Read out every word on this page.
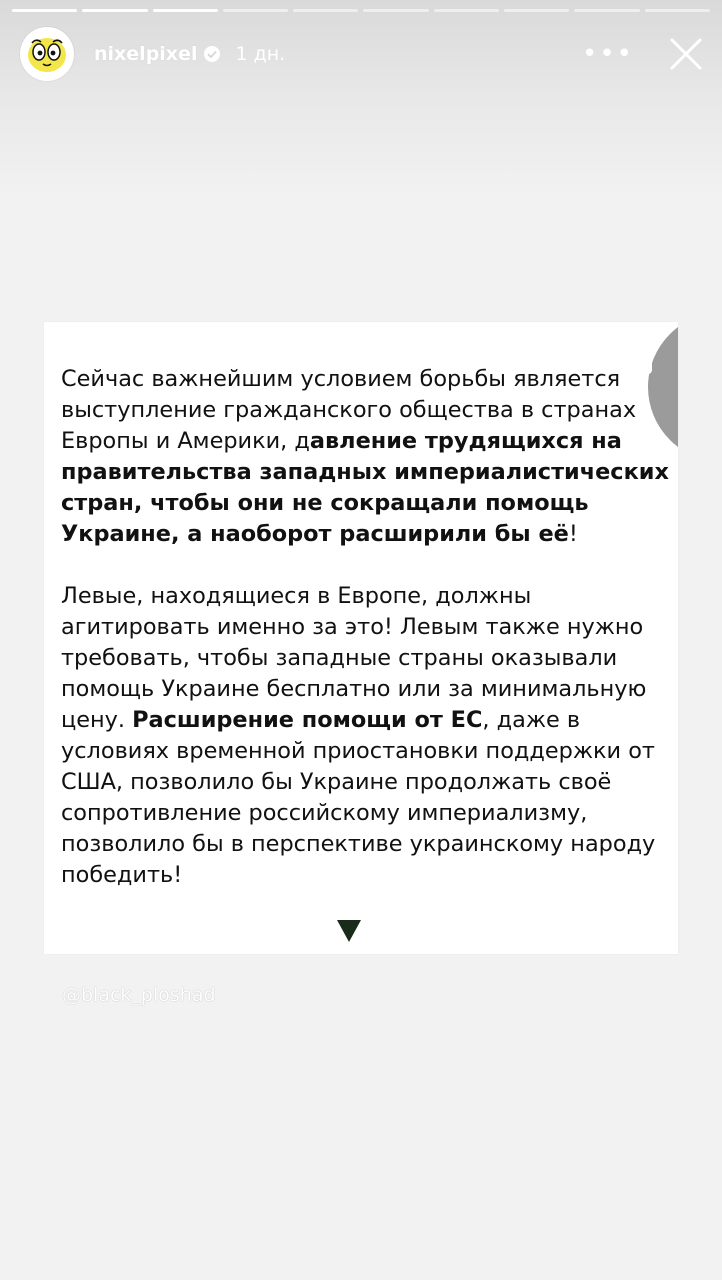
nixelpixel 1 дн.	•••

Сейчас важнейшим условием борьбы является выступление гражданского общества в странах Европы и Америки, давление трудящихся на правительства западных империалистических стран, чтобы они не сокращали помощь Украине, а наоборот расширили бы её!

Левые, находящиеся в Европе, должны агитировать именно за это! Левым также нужно требовать, чтобы западные страны оказывали помощь Украине бесплатно или за минимальную цену. Расширение помощи от ЕС, даже в условиях временной приостановки поддержки от США, позволило бы Украине продолжать своё сопротивление российскому империализму, позволило бы в перспективе украинскому народу победить!

@black_ploshad
